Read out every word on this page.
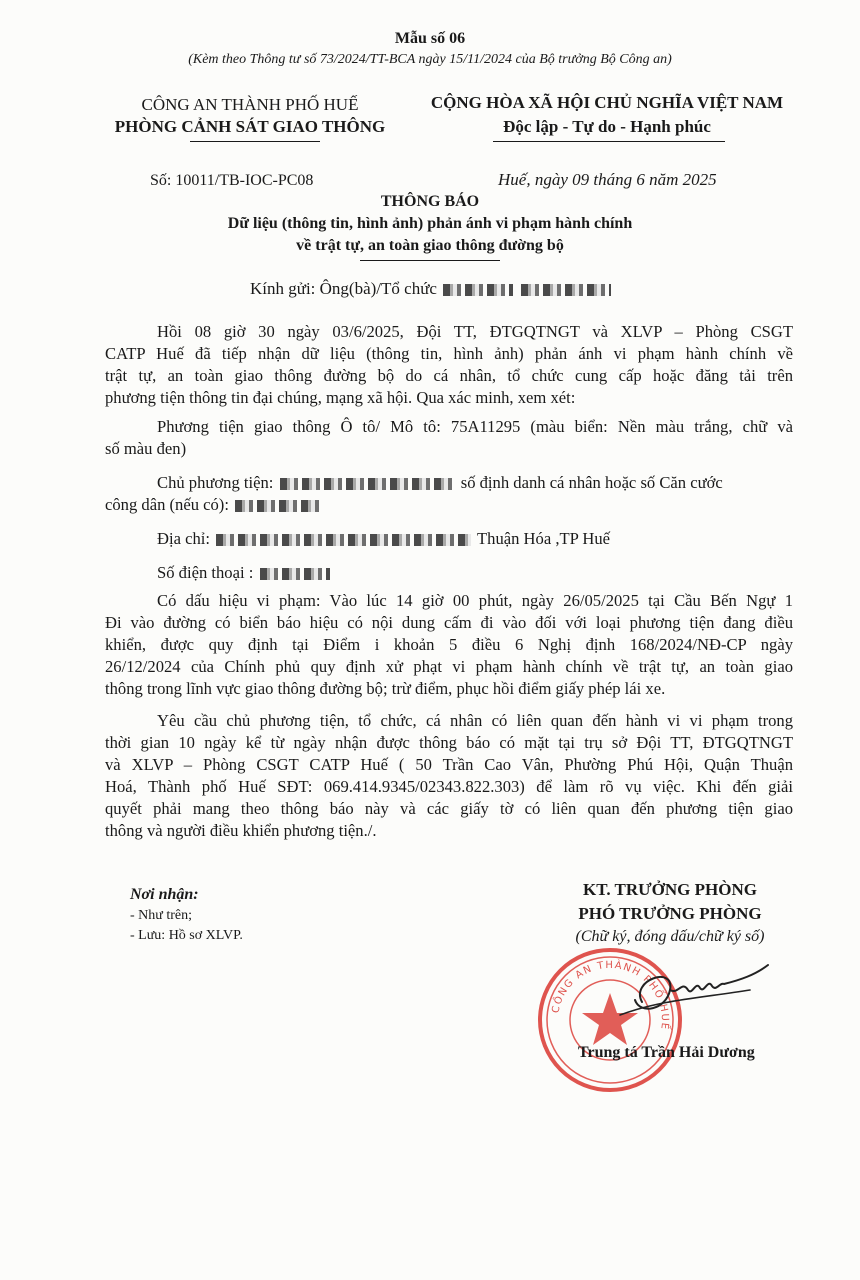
Mẫu số 06
(Kèm theo Thông tư số 73/2024/TT-BCA ngày 15/11/2024 của Bộ trưởng Bộ Công an)
CÔNG AN THÀNH PHỐ HUẾ
PHÒNG CẢNH SÁT GIAO THÔNG
CỘNG HÒA XÃ HỘI CHỦ NGHĨA VIỆT NAM
Độc lập - Tự do - Hạnh phúc
Số: 10011/TB-IOC-PC08	Huế, ngày 09 tháng 6 năm 2025
THÔNG BÁO
Dữ liệu (thông tin, hình ảnh) phản ánh vi phạm hành chính
về trật tự, an toàn giao thông đường bộ
Kính gửi: Ông(bà)/Tổ chức
Hồi 08 giờ 30 ngày 03/6/2025, Đội TT, ĐTGQTNGT và XLVP – Phòng CSGT
CATP Huế đã tiếp nhận dữ liệu (thông tin, hình ảnh) phản ánh vi phạm hành chính về
trật tự, an toàn giao thông đường bộ do cá nhân, tổ chức cung cấp hoặc đăng tải trên
phương tiện thông tin đại chúng, mạng xã hội. Qua xác minh, xem xét:
Phương tiện giao thông Ô tô/ Mô tô: 75A11295 (màu biển: Nền màu trắng, chữ và
số màu đen)
Chủ phương tiện:	số định danh cá nhân hoặc số Căn cước
công dân (nếu có):
Địa chỉ:	Thuận Hóa ,TP Huế
Số điện thoại :
Có dấu hiệu vi phạm: Vào lúc 14 giờ 00 phút, ngày 26/05/2025 tại Cầu Bến Ngự 1
Đi vào đường có biển báo hiệu có nội dung cấm đi vào đối với loại phương tiện đang điều
khiển, được quy định tại Điểm i khoản 5 điều 6 Nghị định 168/2024/NĐ-CP ngày
26/12/2024 của Chính phủ quy định xử phạt vi phạm hành chính về trật tự, an toàn giao
thông trong lĩnh vực giao thông đường bộ; trừ điểm, phục hồi điểm giấy phép lái xe.
Yêu cầu chủ phương tiện, tổ chức, cá nhân có liên quan đến hành vi vi phạm trong
thời gian 10 ngày kể từ ngày nhận được thông báo có mặt tại trụ sở Đội TT, ĐTGQTNGT
và XLVP – Phòng CSGT CATP Huế ( 50 Trần Cao Vân, Phường Phú Hội, Quận Thuận
Hoá, Thành phố Huế SĐT: 069.414.9345/02343.822.303) để làm rõ vụ việc. Khi đến giải
quyết phải mang theo thông báo này và các giấy tờ có liên quan đến phương tiện giao
thông và người điều khiển phương tiện./.
Nơi nhận:
- Như trên;
- Lưu: Hồ sơ XLVP.
KT. TRƯỞNG PHÒNG
PHÓ TRƯỞNG PHÒNG
(Chữ ký, đóng dấu/chữ ký số)
CÔNG AN THÀNH PHỐ HUẾ
Trung tá Trần Hải Dương
